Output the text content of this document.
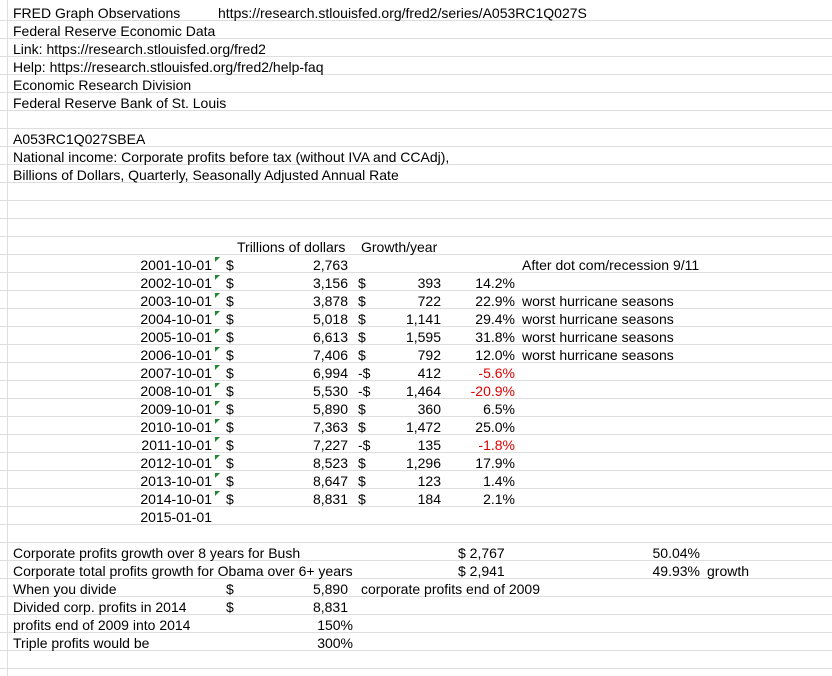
FRED Graph Observations	https://research.stlouisfed.org/fred2/series/A053RC1Q027S
Federal Reserve Economic Data
Link: https://research.stlouisfed.org/fred2
Help: https://research.stlouisfed.org/fred2/help-faq
Economic Research Division
Federal Reserve Bank of St. Louis
A053RC1Q027SBEA
National income: Corporate profits before tax (without IVA and CCAdj),
Billions of Dollars, Quarterly, Seasonally Adjusted Annual Rate
Trillions of dollars Growth/year
2001-10-01 $	2,763	After dot com/recession 9/11
2002-10-01 $	3,156 $	393	14.2%
2003-10-01 $	3,878 $	722	22.9% worst hurricane seasons
2004-10-01 $	5,018 $	1,141	29.4% worst hurricane seasons
2005-10-01 $	6,613 $	1,595	31.8% worst hurricane seasons
2006-10-01 $	7,406 $	792	12.0% worst hurricane seasons
2007-10-01 $	6,994 -$	412	-5.6%
2008-10-01 $	5,530 -$	1,464	-20.9%
2009-10-01 $	5,890 $	360	6.5%
2010-10-01 $	7,363 $	1,472	25.0%
2011-10-01 $	7,227 -$	135	-1.8%
2012-10-01 $	8,523 $	1,296	17.9%
2013-10-01 $	8,647 $	123	1.4%
2014-10-01 $	8,831 $	184	2.1%
2015-01-01
Corporate profits growth over 8 years for Bush	$ 2,767	50.04%
Corporate total profits growth for Obama over 6+ years	$ 2,941	49.93% growth
When you divide	$	5,890 corporate profits end of 2009
Divided corp. profits in 2014	$	8,831
profits end of 2009 into 2014	150%
Triple profits would be	300%
